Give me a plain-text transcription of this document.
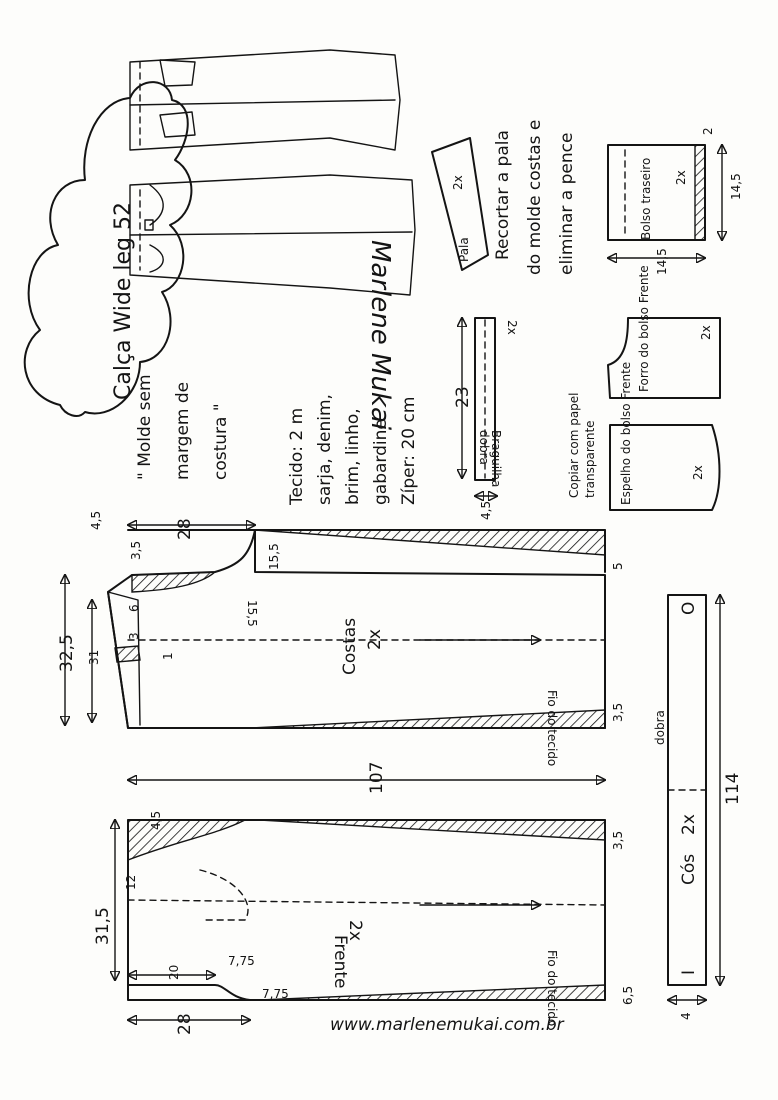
Calça Wide leg 52	Marlene Mukai
" Molde sem margem de costura "	Tecido: 2 m sarja, denim, brim, linho, gabardine Zíper: 20 cm	Braguilha
2x
dobra
23
4,5
Pala
2x Recortar a pala do molde costas e eliminar a pence	Bolso traseiro 2x
14,5
14,5
2
Forro do bolso Frente	2x
Copiar com papel transparente Espelho do bolso Frente	2x
Costas 2x
Fio do tecido
Frente
2x
Fio do tecido
32,5 31
28
4,5
3,5
6
3
1
15,5
15,5
5
3,5
107
31,5
3,5
4,5
12
20
7,75
7,75
28
6,5
O
I
dobra
Cós
2x
114
4
www.marlenemukai.com.br
